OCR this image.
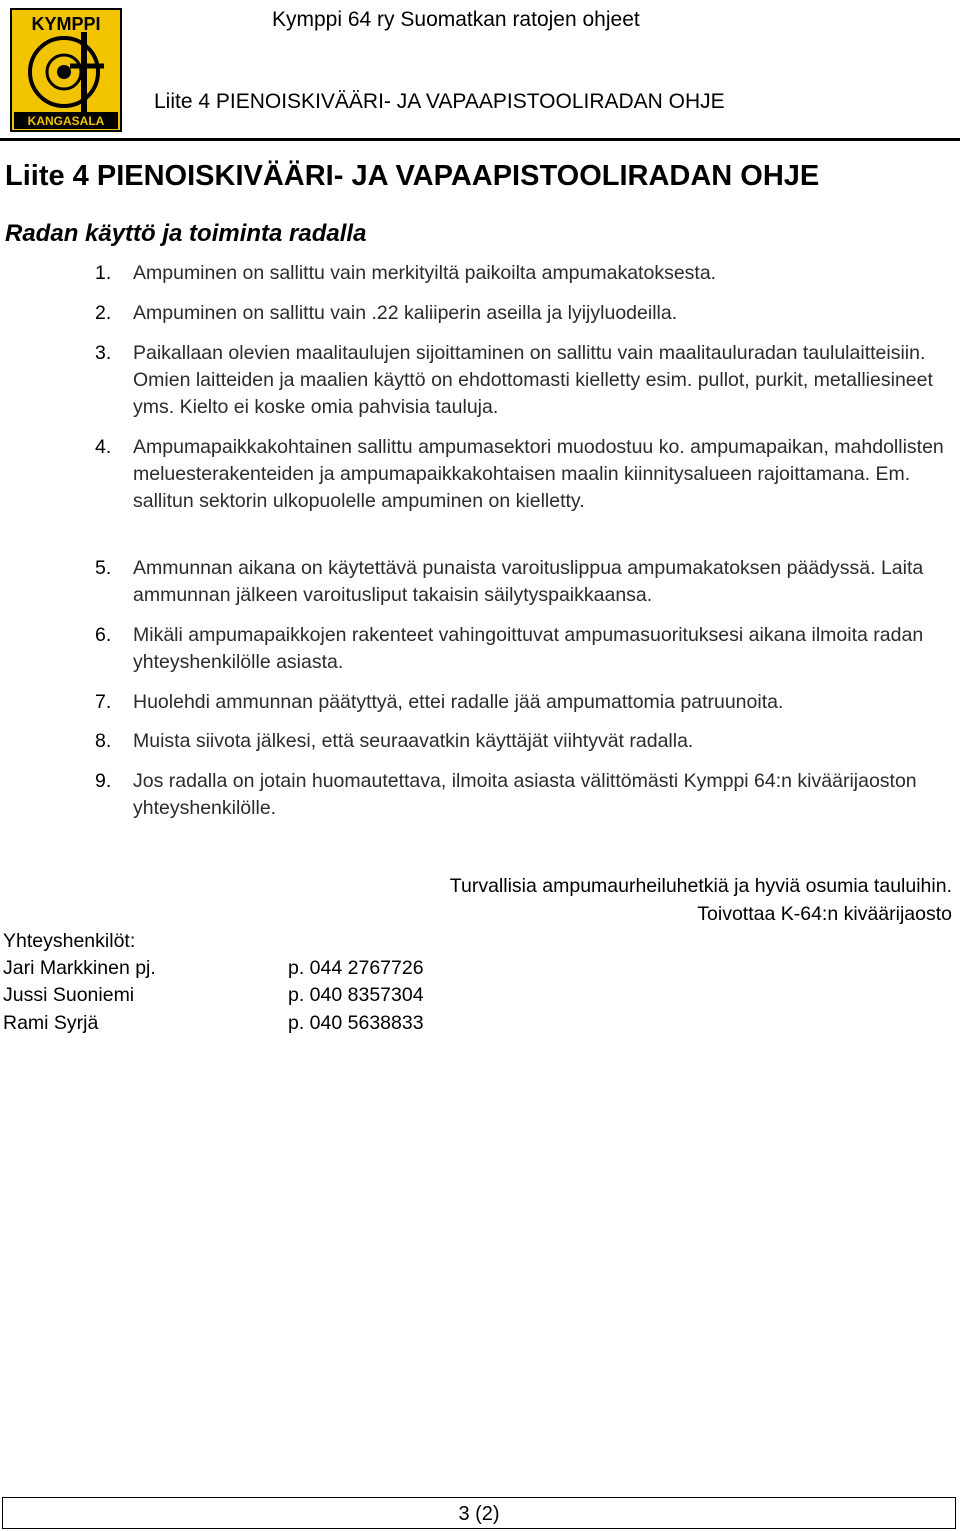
KYMPPI
KANGASALA
Kymppi 64 ry Suomatkan ratojen ohjeet
Liite 4 PIENOISKIVÄÄRI- JA VAPAAPISTOOLIRADAN OHJE
Liite 4 PIENOISKIVÄÄRI- JA VAPAAPISTOOLIRADAN OHJE
Radan käyttö ja toiminta radalla
1. Ampuminen on sallittu vain merkityiltä paikoilta ampumakatoksesta.
2. Ampuminen on sallittu vain .22 kaliiperin aseilla ja lyijyluodeilla.
3. Paikallaan olevien maalitaulujen sijoittaminen on sallittu vain maalitauluradan taululaitteisiin. Omien laitteiden ja maalien käyttö on ehdottomasti kielletty esim. pullot, purkit, metalliesineet yms. Kielto ei koske omia pahvisia tauluja.
4. Ampumapaikkakohtainen sallittu ampumasektori muodostuu ko. ampumapaikan, mahdollisten meluesterakenteiden ja ampumapaikkakohtaisen maalin kiinnitysalueen rajoittamana. Em. sallitun sektorin ulkopuolelle ampuminen on kielletty.
5. Ammunnan aikana on käytettävä punaista varoituslippua ampumakatoksen päädyssä. Laita ammunnan jälkeen varoitusliput takaisin säilytyspaikkaansa.
6. Mikäli ampumapaikkojen rakenteet vahingoittuvat ampumasuorituksesi aikana ilmoita radan yhteyshenkilölle asiasta.
7. Huolehdi ammunnan päätyttyä, ettei radalle jää ampumattomia patruunoita.
8. Muista siivota jälkesi, että seuraavatkin käyttäjät viihtyvät radalla.
9. Jos radalla on jotain huomautettava, ilmoita asiasta välittömästi Kymppi 64:n kiväärijaoston yhteyshenkilölle.
Turvallisia ampumaurheiluhetkiä ja hyviä osumia tauluihin.
Toivottaa K-64:n kiväärijaosto
Yhteyshenkilöt:
Jari Markkinen pj.	p. 044 2767726
Jussi Suoniemi	p. 040 8357304
Rami Syrjä	p. 040 5638833
3 (2)
